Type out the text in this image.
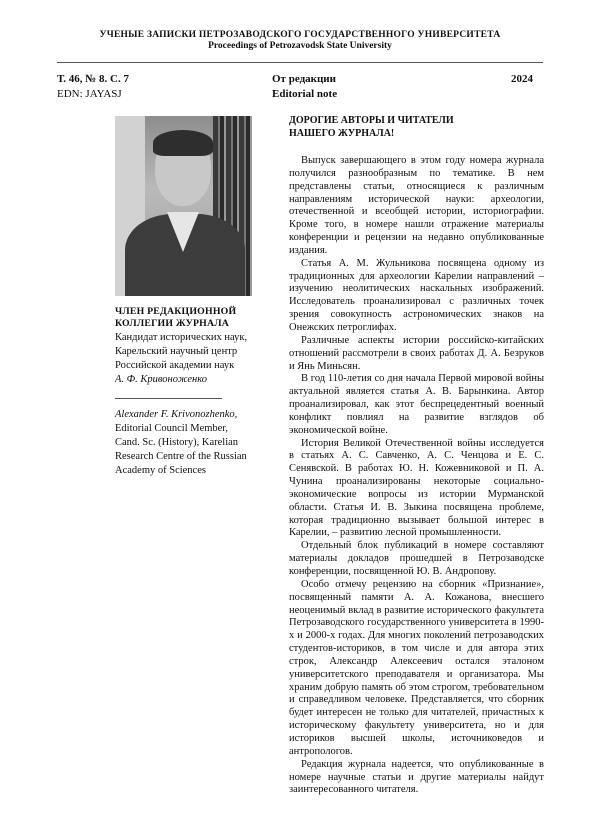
УЧЕНЫЕ ЗАПИСКИ ПЕТРОЗАВОДСКОГО ГОСУДАРСТВЕННОГО УНИВЕРСИТЕТА
Proceedings of Petrozavodsk State University
Т. 46, № 8. С. 7
EDN: JAYASJ
От редакции
Editorial note
2024
ЧЛЕН РЕДАКЦИОННОЙ
КОЛЛЕГИИ ЖУРНАЛА
Кандидат исторических наук,
Карельский научный центр
Российской академии наук
А. Ф. Кривоноженко
Alexander F. Krivonozhenko,
Editorial Council Member,
Cand. Sc. (History), Karelian
Research Centre of the Russian
Academy of Sciences
ДОРОГИЕ АВТОРЫ И ЧИТАТЕЛИ
НАШЕГО ЖУРНАЛА!

Выпуск завершающего в этом году номера журнала получился разнообразным по тематике. В нем представлены статьи, относящиеся к различным направлениям исторической науки: археологии, отечественной и всеобщей истории, историографии. Кроме того, в номере нашли отражение материалы конференции и рецензии на недавно опубликованные издания.

Статья А. М. Жульникова посвящена одному из традиционных для археологии Карелии направлений – изучению неолитических наскальных изображений. Исследователь проанализировал с различных точек зрения совокупность астрономических знаков на Онежских петроглифах.

Различные аспекты истории российско-китайских отношений рассмотрели в своих работах Д. А. Безруков и Янь Миньсян.

В год 110-летия со дня начала Первой мировой войны актуальной является статья А. В. Барынкина. Автор проанализировал, как этот беспрецедентный военный конфликт повлиял на развитие взглядов об экономической войне.

История Великой Отечественной войны исследуется в статьях А. С. Савченко, А. С. Ченцова и Е. С. Сенявской. В работах Ю. Н. Кожевниковой и П. А. Чунина проанализированы некоторые социально-экономические вопросы из истории Мурманской области. Статья И. В. Зыкина посвящена проблеме, которая традиционно вызывает большой интерес в Карелии, – развитию лесной промышленности.

Отдельный блок публикаций в номере составляют материалы докладов прошедшей в Петрозаводске конференции, посвященной Ю. В. Андропову.

Особо отмечу рецензию на сборник «Признание», посвященный памяти А. А. Кожанова, внесшего неоценимый вклад в развитие исторического факультета Петрозаводского государственного университета в 1990-х и 2000-х годах. Для многих поколений петрозаводских студентов-историков, в том числе и для автора этих строк, Александр Алексеевич остался эталоном университетского преподавателя и организатора. Мы храним добрую память об этом строгом, требовательном и справедливом человеке. Представляется, что сборник будет интересен не только для читателей, причастных к историческому факультету университета, но и для историков высшей школы, источниковедов и антропологов.

Редакция журнала надеется, что опубликованные в номере научные статьи и другие материалы найдут заинтересованного читателя.
